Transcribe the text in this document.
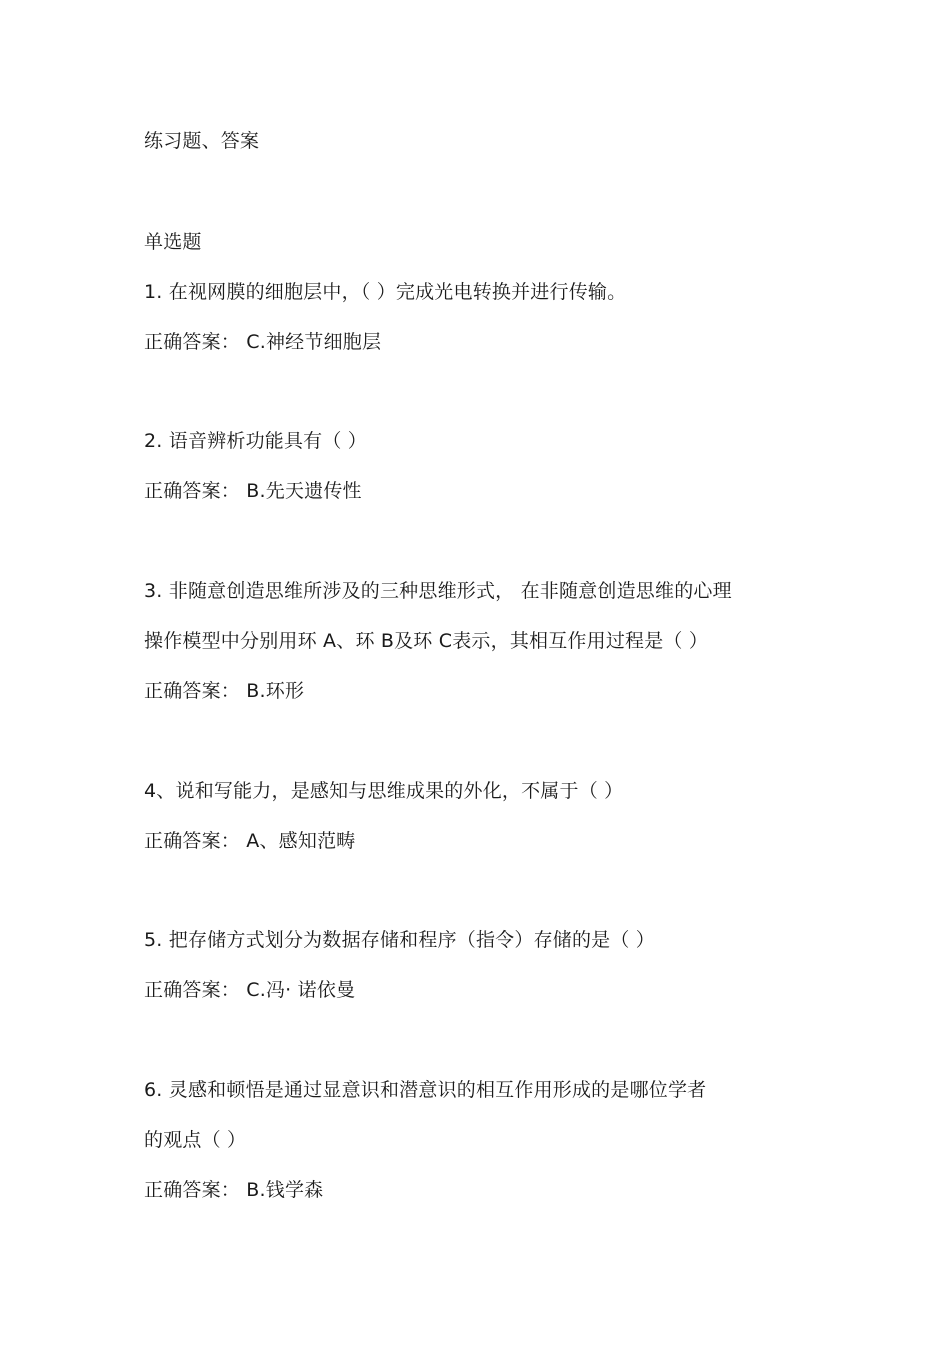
练习题、答案
单选题
1. 在视网膜的细胞层中，（ ）完成光电转换并进行传输。
正确答案： C.神经节细胞层
2. 语音辨析功能具有（ ）
正确答案： B.先天遗传性
3. 非随意创造思维所涉及的三种思维形式， 在非随意创造思维的心理
操作模型中分别用环 A、环 B及环 C表示，其相互作用过程是（ ）
正确答案： B.环形
4、说和写能力，是感知与思维成果的外化，不属于（ ）
正确答案： A、感知范畴
5. 把存储方式划分为数据存储和程序（指令）存储的是（ ）
正确答案： C.冯· 诺依曼
6. 灵感和顿悟是通过显意识和潜意识的相互作用形成的是哪位学者
的观点（ ）
正确答案： B.钱学森
